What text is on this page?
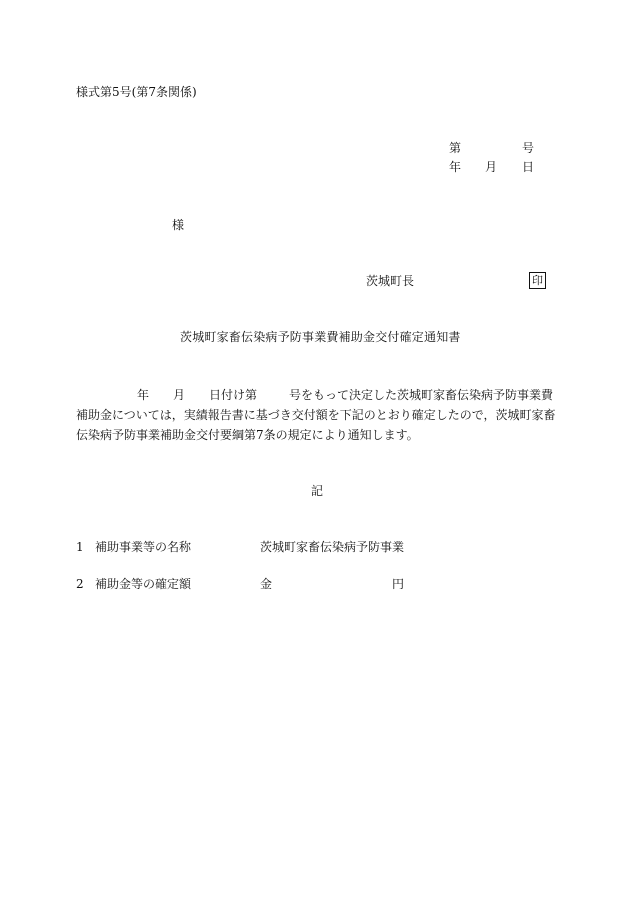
様式第5号(第7条関係)
第	号
年 月 日
様
茨城町長	印
茨城町家畜伝染病予防事業費補助金交付確定通知書
年 月 日付け第	号をもって決定した茨城町家畜伝染病予防事業費
補助金については，実績報告書に基づき交付額を下記のとおり確定したので，茨城町家畜
伝染病予防事業補助金交付要綱第7条の規定により通知します。
記
1 補助事業等の名称	茨城町家畜伝染病予防事業
2 補助金等の確定額	金	円
